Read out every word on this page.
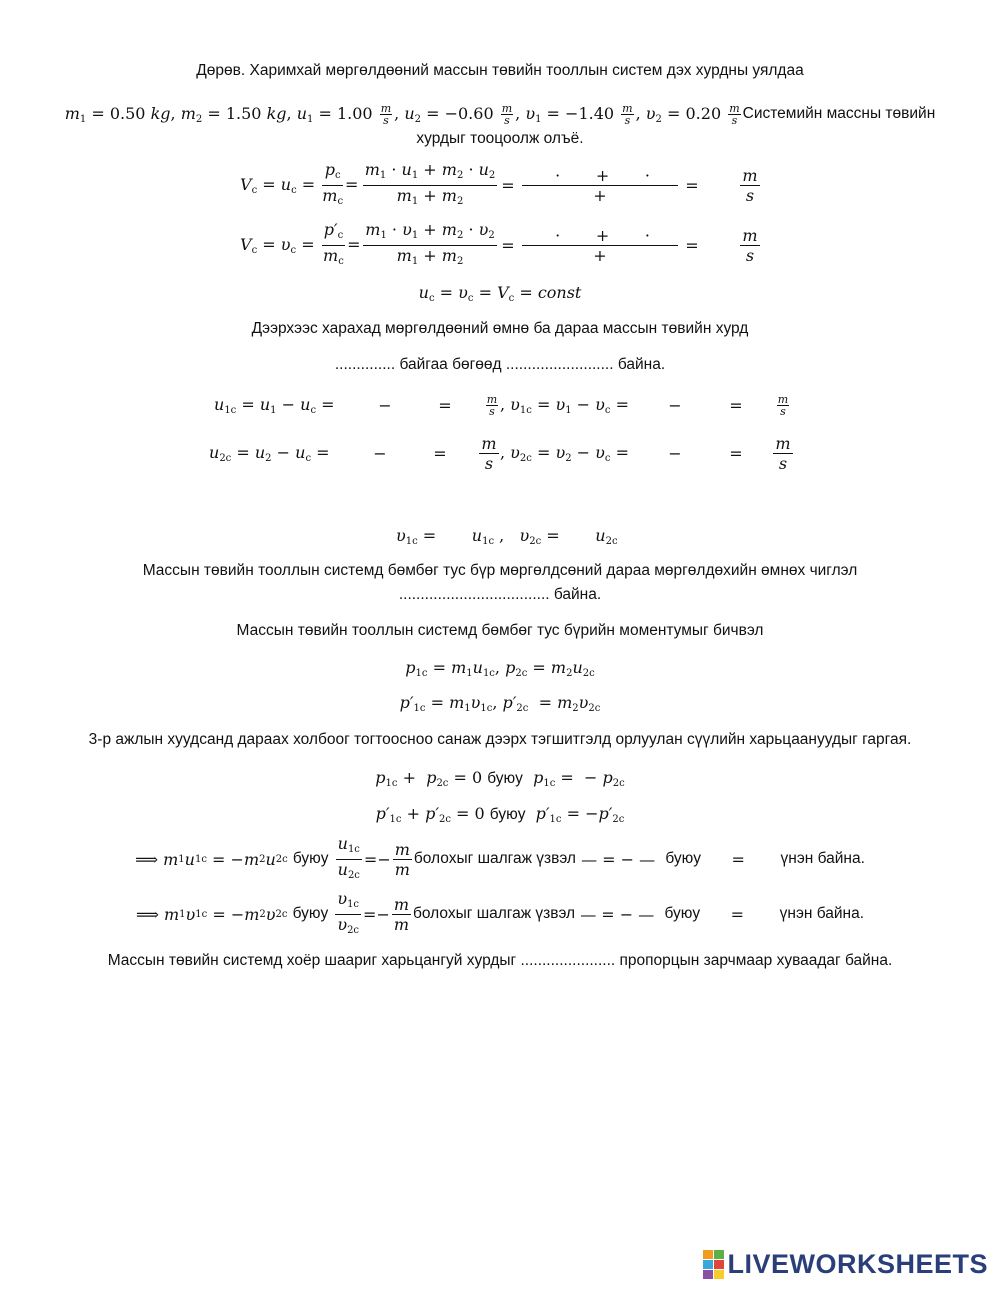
Дөрөв. Харимхай мөргөлдөөний массын төвийн тооллын систем дэх хурдны уялдаа
$m_1 = 0.50$ kg, $m_2 = 1.50$ kg, $u_1 = 1.00 \frac{m}{s}$ , $u_2 = -0.60 \frac{m}{s}$ , $\upsilon_1 = -1.40 \frac{m}{s}$ , $\upsilon_2 = 0.20 \frac{m}{s}$ Системийн массны төвийн
хурдыг тооцоолж олъё.
$V_c = u_c = \frac{p_c}{m_c} = \frac{m_1 \cdot u_1 + m_2 \cdot u_2}{m_1 + m_2} = \frac{\cdot + \cdot}{+}$ =	$\frac{m}{s}$
$V_c = \upsilon_c = \frac{p'_c}{m_c} = \frac{m_1 \cdot \upsilon_1 + m_2 \cdot \upsilon_2}{m_1 + m_2} = \frac{\cdot + \cdot}{+}$ =	$\frac{m}{s}$
$u_c = \upsilon_c = V_c$ = const
Дээрхээс харахад мөргөлдөөний өмнө ба дараа массын төвийн хурд
.............. байгаа бөгөөд ......................... байна.
$u_{1c} = u_1 - u_c$ =	−	=	$\frac{m}{s}$ , $\upsilon_{1c} = \upsilon_1 - \upsilon_c$ = −	=	$\frac{m}{s}$
$u_{2c} = u_2 - u_c$ =	−	= $\frac{m}{s}$ , $\upsilon_{2c} = \upsilon_2 - \upsilon_c$ = −	= $\frac{m}{s}$
$\upsilon_{1c}$ =       $u_{1c}$ ,   $\upsilon_{2c}$ =       $u_{2c}$
Массын төвийн тооллын системд бөмбөг тус бүр мөргөлдсөний дараа мөргөлдөхийн өмнөх чиглэл
................................... байна.
Массын төвийн тооллын системд бөмбөг тус бүрийн моментумыг бичвэл
$p_{1c} = m_1u_{1c}$, $p_{2c} = m_2u_{2c}$
$p'_{1c} = m_1\upsilon_{1c}$, $p'_{2c} = m_2\upsilon_{2c}$
3-р ажлын хуудсанд дараах холбоог тогтоосноо санаж дээрх тэгшитгэлд орлуулан сүүлийн харьцаануудыг гаргая.
$p_{1c} + p_{2c} = 0$ буюу  $p_{1c}$ =  − $p_{2c}$
$p'_{1c} + p'_{2c} = 0$ буюу  $p'_{1c} = -p'_{2c}$
⟹ m 1 u 1c = − m 2 u 2c
буюу
$\frac{u_{1c}}{u_{2c}}$ = − $\frac{m}{m}$ болохыг шалгаж үзвэл
— = − —
буюу = үнэн байна.
⟹ m 1 υ 1c = − m 2 υ 2c
буюу
$\frac{\upsilon_{1c}}{\upsilon_{2c}}$ = − $\frac{m}{m}$ болохыг шалгаж үзвэл
— = − —
буюу = үнэн байна.
Массын төвийн системд хоёр шаариг харьцангуй хурдыг ...................... пропорцын зарчмаар хуваадаг байна.
LIVEWORKSHEETS
